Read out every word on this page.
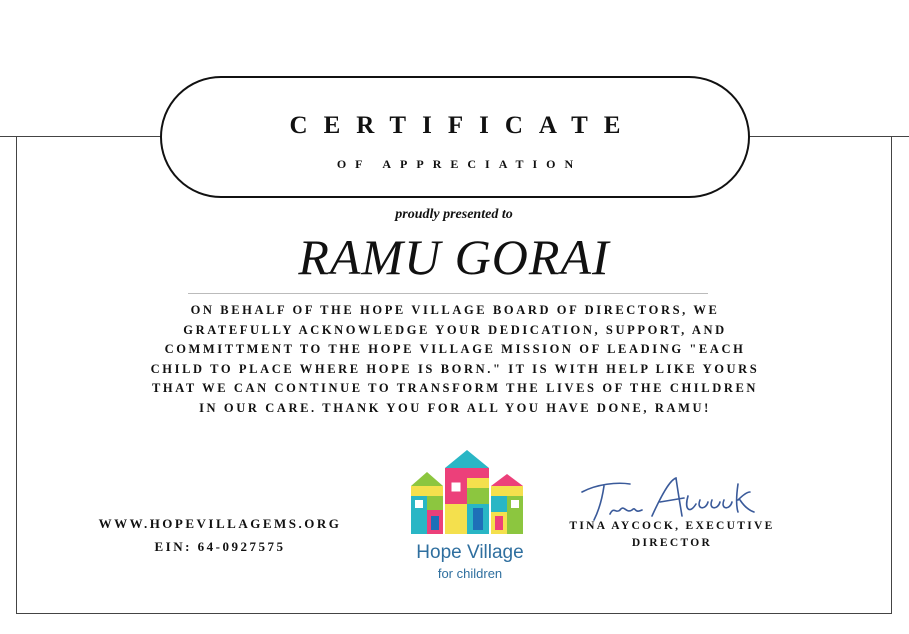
CERTIFICATE
OF APPRECIATION
proudly presented to
RAMU GORAI
ON BEHALF OF THE HOPE VILLAGE BOARD OF DIRECTORS, WE
GRATEFULLY ACKNOWLEDGE YOUR DEDICATION, SUPPORT, AND
COMMITTMENT TO THE HOPE VILLAGE MISSION OF LEADING "EACH
CHILD TO PLACE WHERE HOPE IS BORN." IT IS WITH HELP LIKE YOURS
THAT WE CAN CONTINUE TO TRANSFORM THE LIVES OF THE CHILDREN
IN OUR CARE. THANK YOU FOR ALL YOU HAVE DONE, RAMU!
WWW.HOPEVILLAGEMS.ORG
EIN: 64-0927575	Hope Village
for children
TINA AYCOCK, EXECUTIVE
DIRECTOR
